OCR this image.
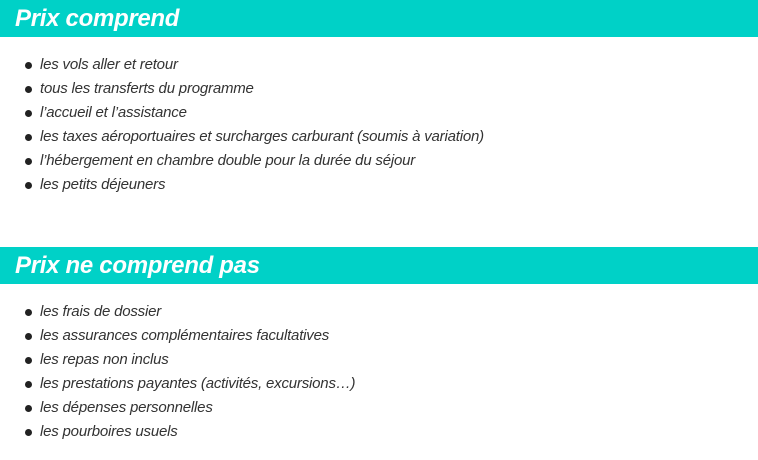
Prix comprend
les vols aller et retour
tous les transferts du programme
l’accueil et l’assistance
les taxes aéroportuaires et surcharges carburant (soumis à variation)
l’hébergement en chambre double pour la durée du séjour
les petits déjeuners
Prix ne comprend pas
les frais de dossier
les assurances complémentaires facultatives
les repas non inclus
les prestations payantes (activités, excursions…)
les dépenses personnelles
les pourboires usuels
